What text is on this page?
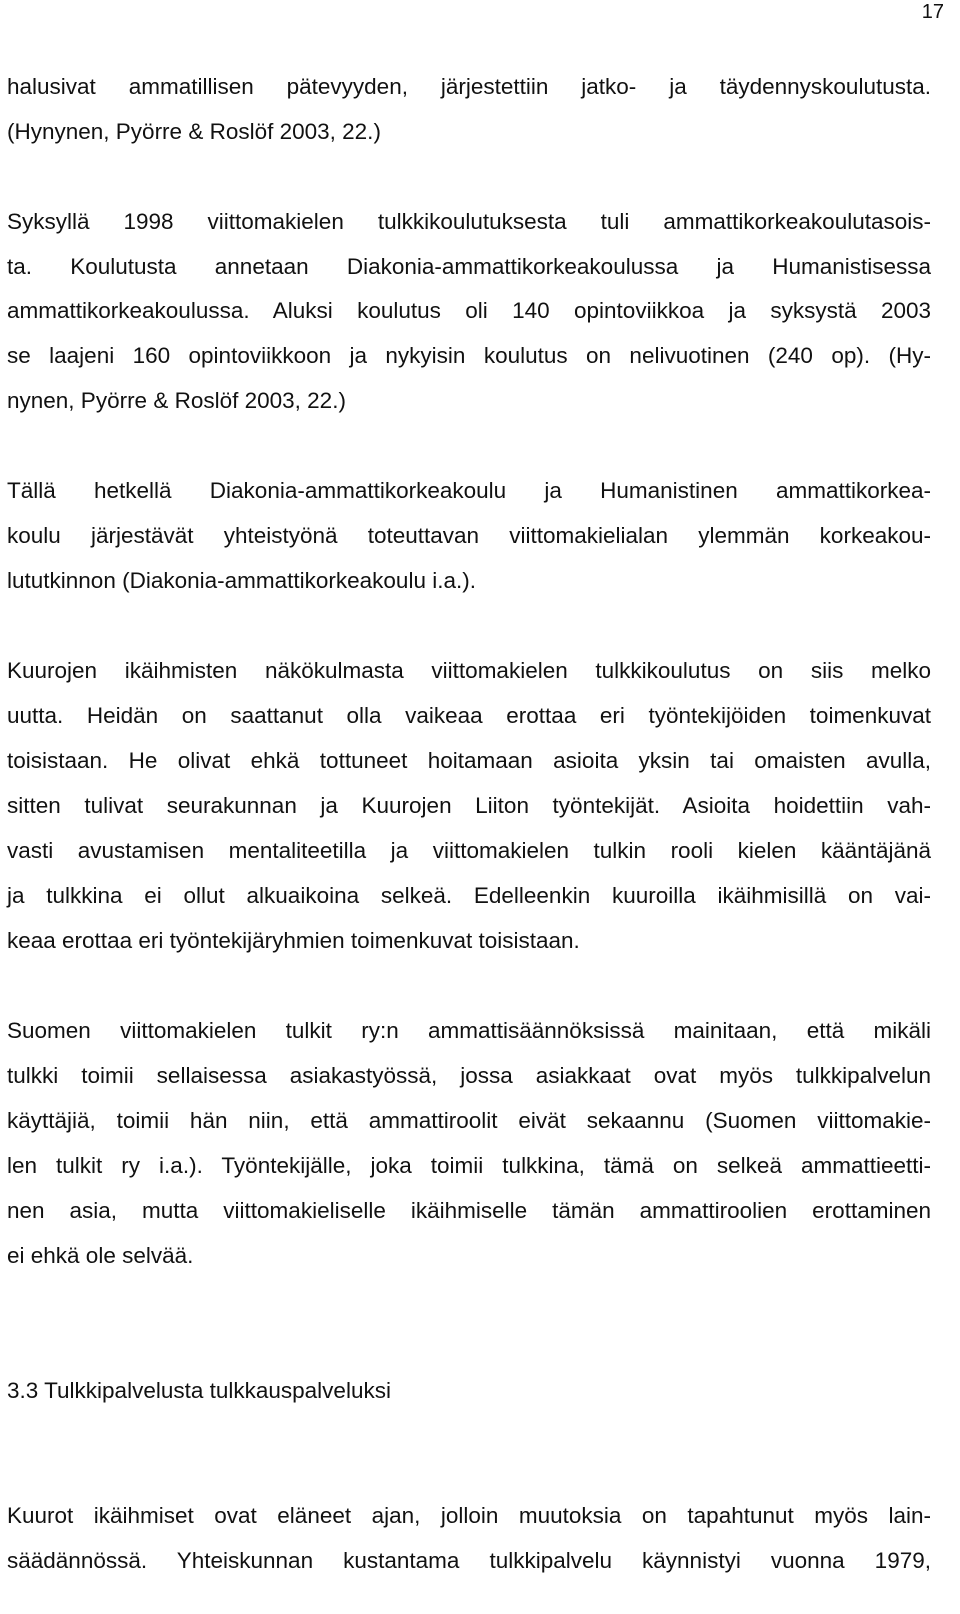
17

halusivat ammatillisen pätevyyden, järjestettiin jatko- ja täydennyskoulutusta.

(Hynynen, Pyörre & Roslöf 2003, 22.)

Syksyllä 1998 viittomakielen tulkkikoulutuksesta tuli ammattikorkeakoulutasois-

ta. Koulutusta annetaan Diakonia-ammattikorkeakoulussa ja Humanistisessa

ammattikorkeakoulussa. Aluksi koulutus oli 140 opintoviikkoa ja syksystä 2003

se laajeni 160 opintoviikkoon ja nykyisin koulutus on nelivuotinen (240 op). (Hy-

nynen, Pyörre & Roslöf 2003, 22.)

Tällä hetkellä Diakonia-ammattikorkeakoulu ja Humanistinen ammattikorkea-

koulu järjestävät yhteistyönä toteuttavan viittomakielialan ylemmän korkeakou-

lututkinnon (Diakonia-ammattikorkeakoulu i.a.).

Kuurojen ikäihmisten näkökulmasta viittomakielen tulkkikoulutus on siis melko

uutta. Heidän on saattanut olla vaikeaa erottaa eri työntekijöiden toimenkuvat

toisistaan. He olivat ehkä tottuneet hoitamaan asioita yksin tai omaisten avulla,

sitten tulivat seurakunnan ja Kuurojen Liiton työntekijät. Asioita hoidettiin vah-

vasti avustamisen mentaliteetilla ja viittomakielen tulkin rooli kielen kääntäjänä

ja tulkkina ei ollut alkuaikoina selkeä. Edelleenkin kuuroilla ikäihmisillä on vai-

keaa erottaa eri työntekijäryhmien toimenkuvat toisistaan.

Suomen viittomakielen tulkit ry:n ammattisäännöksissä mainitaan, että mikäli

tulkki toimii sellaisessa asiakastyössä, jossa asiakkaat ovat myös tulkkipalvelun

käyttäjiä, toimii hän niin, että ammattiroolit eivät sekaannu (Suomen viittomakie-

len tulkit ry i.a.). Työntekijälle, joka toimii tulkkina, tämä on selkeä ammattieetti-

nen asia, mutta viittomakieliselle ikäihmiselle tämän ammattiroolien erottaminen

ei ehkä ole selvää.

3.3 Tulkkipalvelusta tulkkauspalveluksi

Kuurot ikäihmiset ovat eläneet ajan, jolloin muutoksia on tapahtunut myös lain-

säädännössä. Yhteiskunnan kustantama tulkkipalvelu käynnistyi vuonna 1979,
